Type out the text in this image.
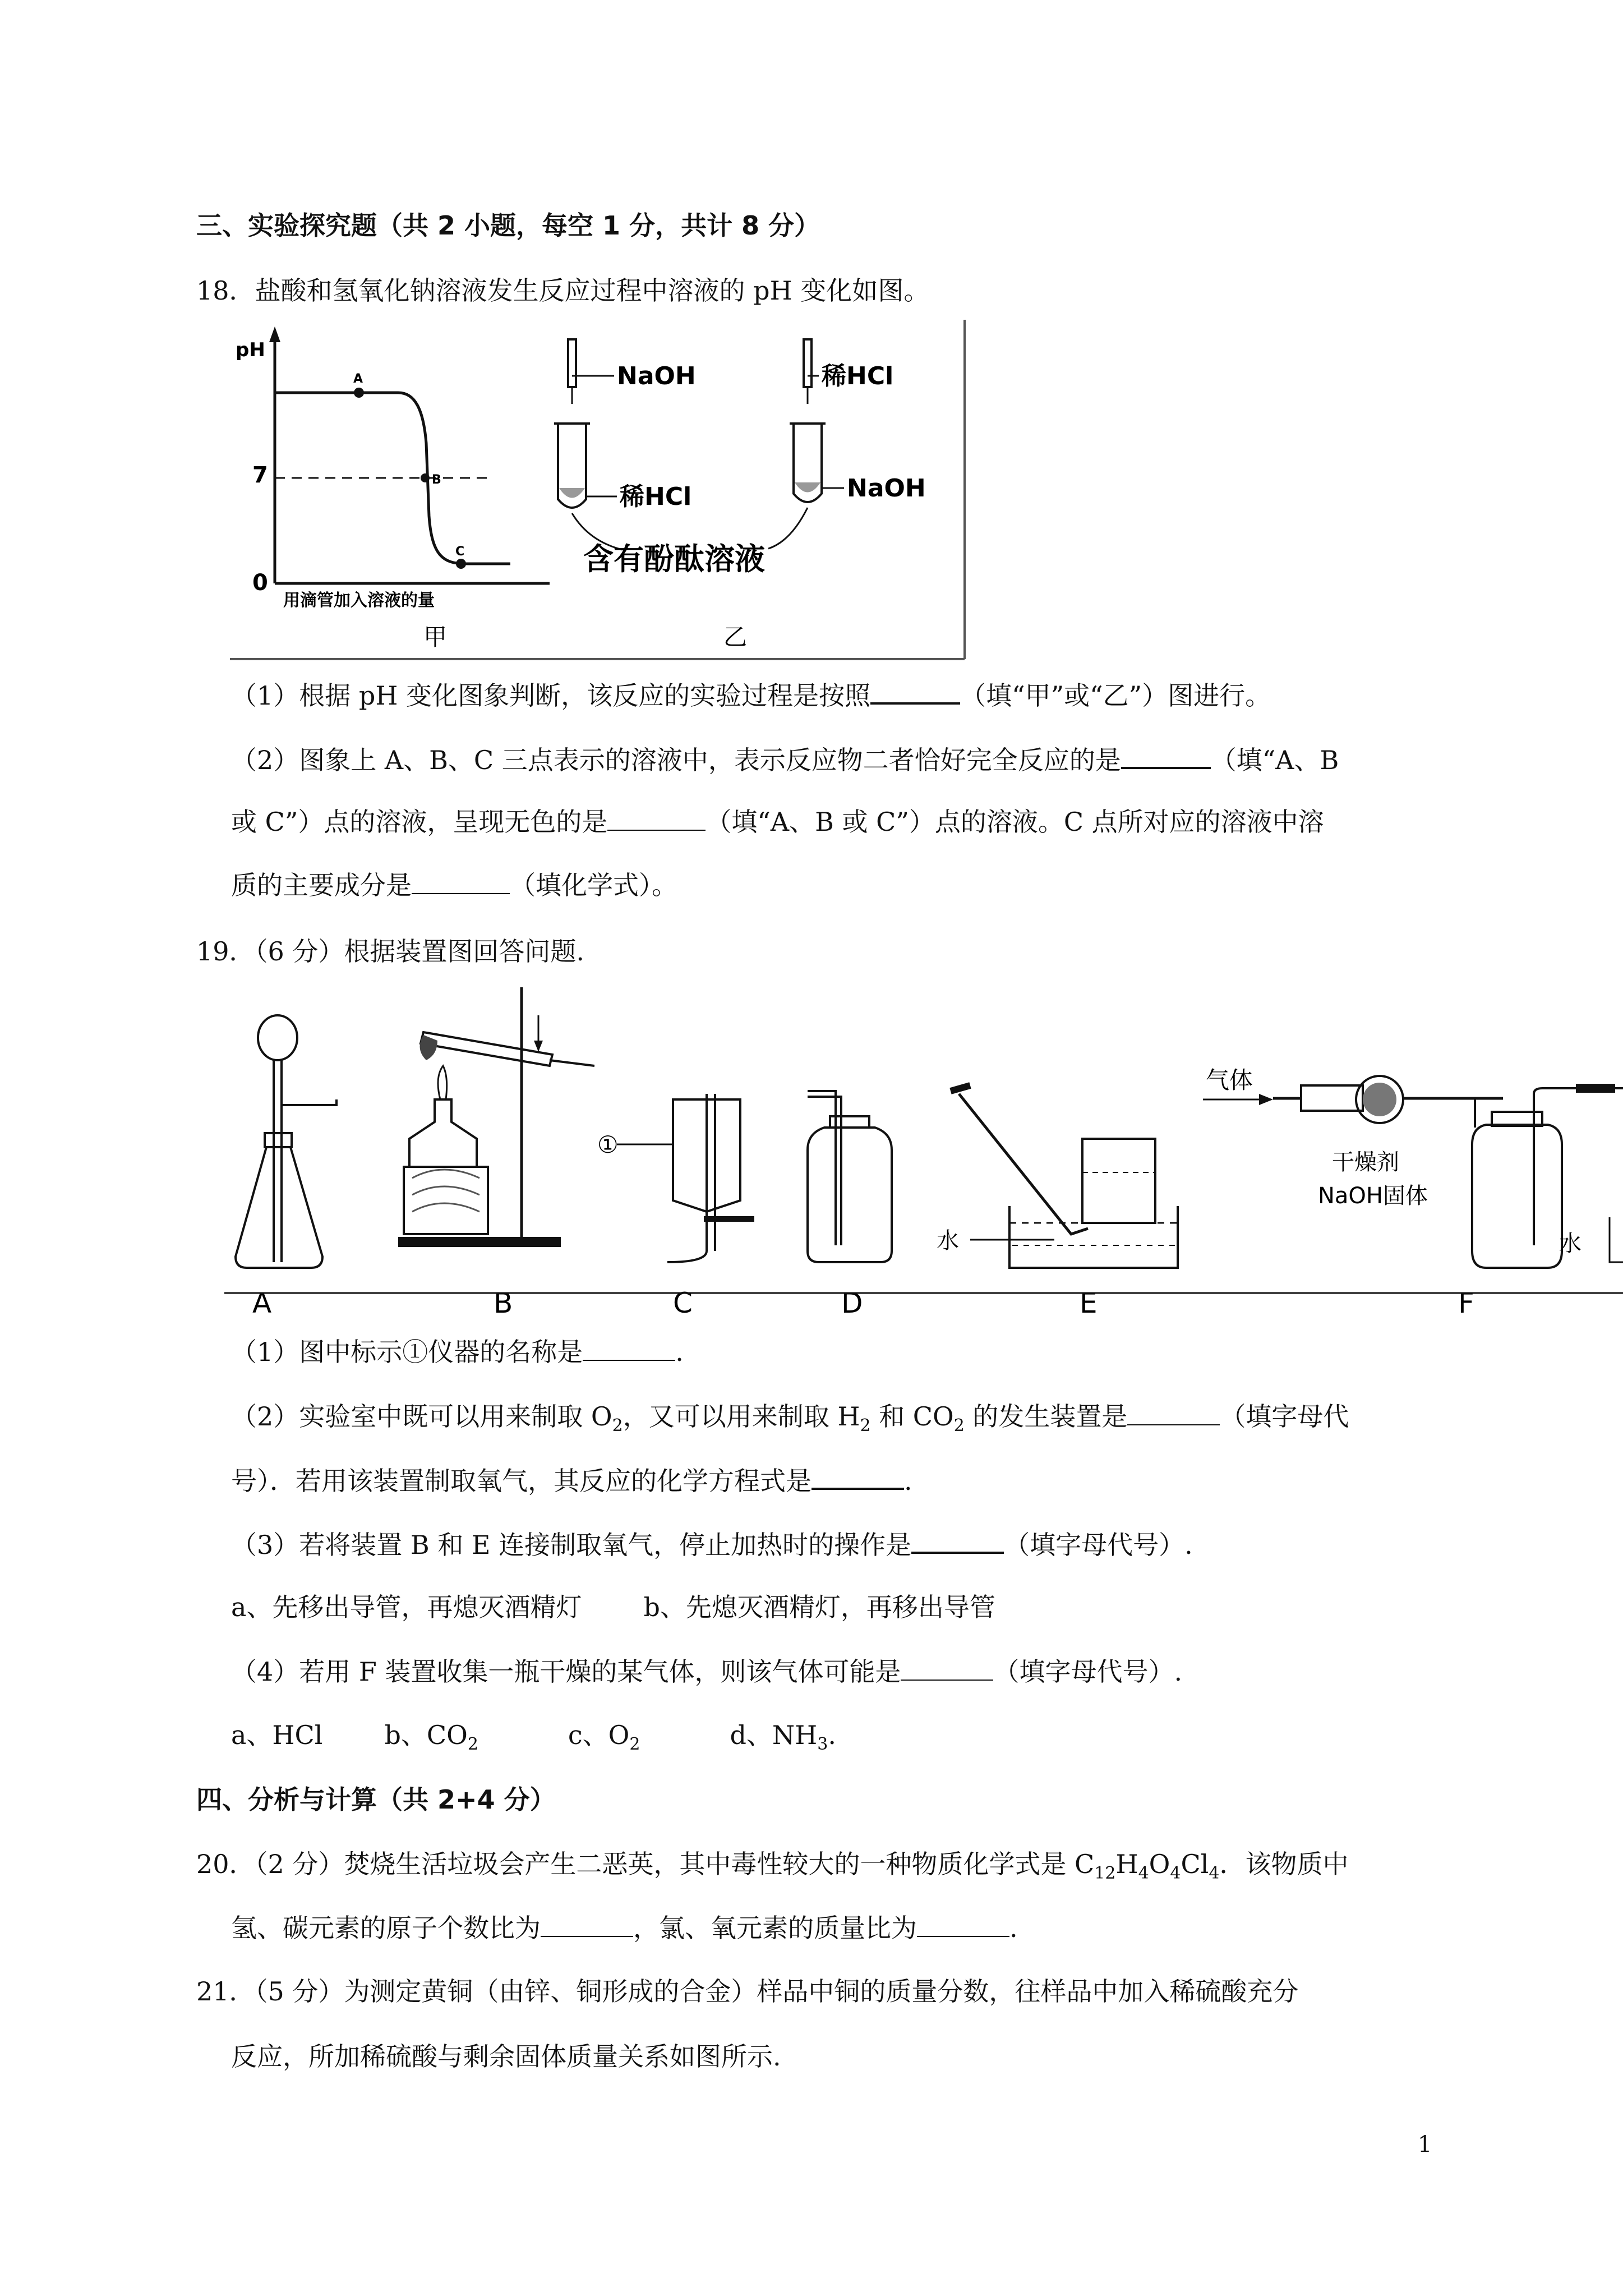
三、实验探究题（共 2 小题，每空 1 分，共计 8 分）
18．盐酸和氢氧化钠溶液发生反应过程中溶液的 pH 变化如图。
pH
7
0
A
B
C
用滴管加入溶液的量
甲
NaOH
稀HCl
稀HCl
NaOH
含有酚酞溶液
乙
（1）根据 pH 变化图象判断，该反应的实验过程是按照	（填“甲”或“乙”）图进行。
（2）图象上 A、B、C 三点表示的溶液中，表示反应物二者恰好完全反应的是	（填“A、B
或 C”）点的溶液，呈现无色的是	（填“A、B 或 C”）点的溶液。C 点所对应的溶液中溶
质的主要成分是	（填化学式）。
19．（6 分）根据装置图回答问题.
A	B
①
C	D
水
E
气体
干燥剂
NaOH固体
水
F
（1）图中标示①仪器的名称是	.
（2）实验室中既可以用来制取 $O_2$，又可以用来制取 $H_2$ 和 $CO_2$ 的发生装置是	（填字母代
号）．若用该装置制取氧气，其反应的化学方程式是	.
（3）若将装置 B 和 E 连接制取氧气，停止加热时的操作是	（填字母代号）.
a、先移出导管，再熄灭酒精灯 b、先熄灭酒精灯，再移出导管
（4）若用 F 装置收集一瓶干燥的某气体，则该气体可能是	（填字母代号）.
a、HCl b、$CO_2$	c、$O_2$	d、$NH_3$.
四、分析与计算（共 2+4 分）
20．（2 分）焚烧生活垃圾会产生二恶英，其中毒性较大的一种物质化学式是 $C_{12}H_4O_4Cl_4$．该物质中
氢、碳元素的原子个数比为	，氯、氧元素的质量比为	.
21．（5 分）为测定黄铜（由锌、铜形成的合金）样品中铜的质量分数，往样品中加入稀硫酸充分
反应，所加稀硫酸与剩余固体质量关系如图所示.
1
